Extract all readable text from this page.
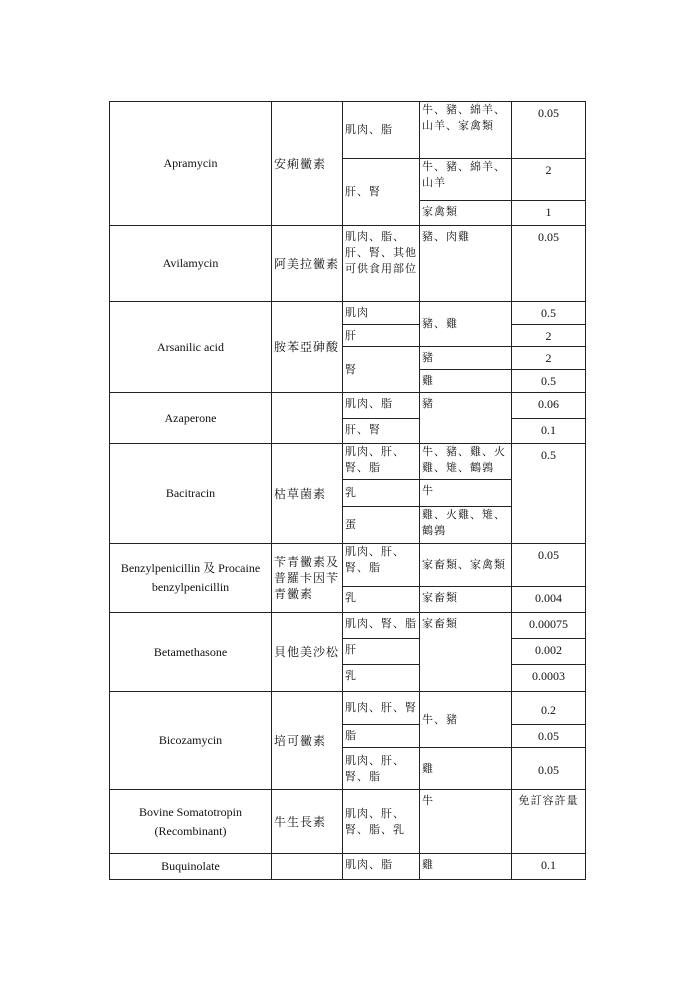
Apramycin	安痢黴素	肌肉、脂	牛、豬、綿羊、山羊、家禽類	0.05
		肝、腎	牛、豬、綿羊、山羊	2
			家禽類	1
Avilamycin	阿美拉黴素	肌肉、脂、肝、腎、其他可供食用部位	豬、肉雞	0.05
Arsanilic acid	胺苯亞砷酸	肌肉	豬、雞	0.5
		肝		2
		腎	豬	2
			雞	0.5
Azaperone		肌肉、脂	豬	0.06
		肝、腎		0.1
Bacitracin	枯草菌素	肌肉、肝、腎、脂	牛、豬、雞、火雞、雉、鶴鶉	0.5
		乳	牛	
		蛋	雞、火雞、雉、鶴鶉	
Benzylpenicillin 及 Procaine benzylpenicillin	苄青黴素及普羅卡因苄青黴素	肌肉、肝、腎、脂	家畜類、家禽類	0.05
		乳	家畜類	0.004
Betamethasone	貝他美沙松	肌肉、腎、脂	家畜類	0.00075
		肝		0.002
		乳		0.0003
Bicozamycin	培可黴素	肌肉、肝、腎	牛、豬	0.2
		脂		0.05
		肌肉、肝、腎、脂	雞	0.05
Bovine Somatotropin (Recombinant)	牛生長素	肌肉、肝、腎、脂、乳	牛	免訂容許量
Buquinolate		肌肉、脂	雞	0.1
